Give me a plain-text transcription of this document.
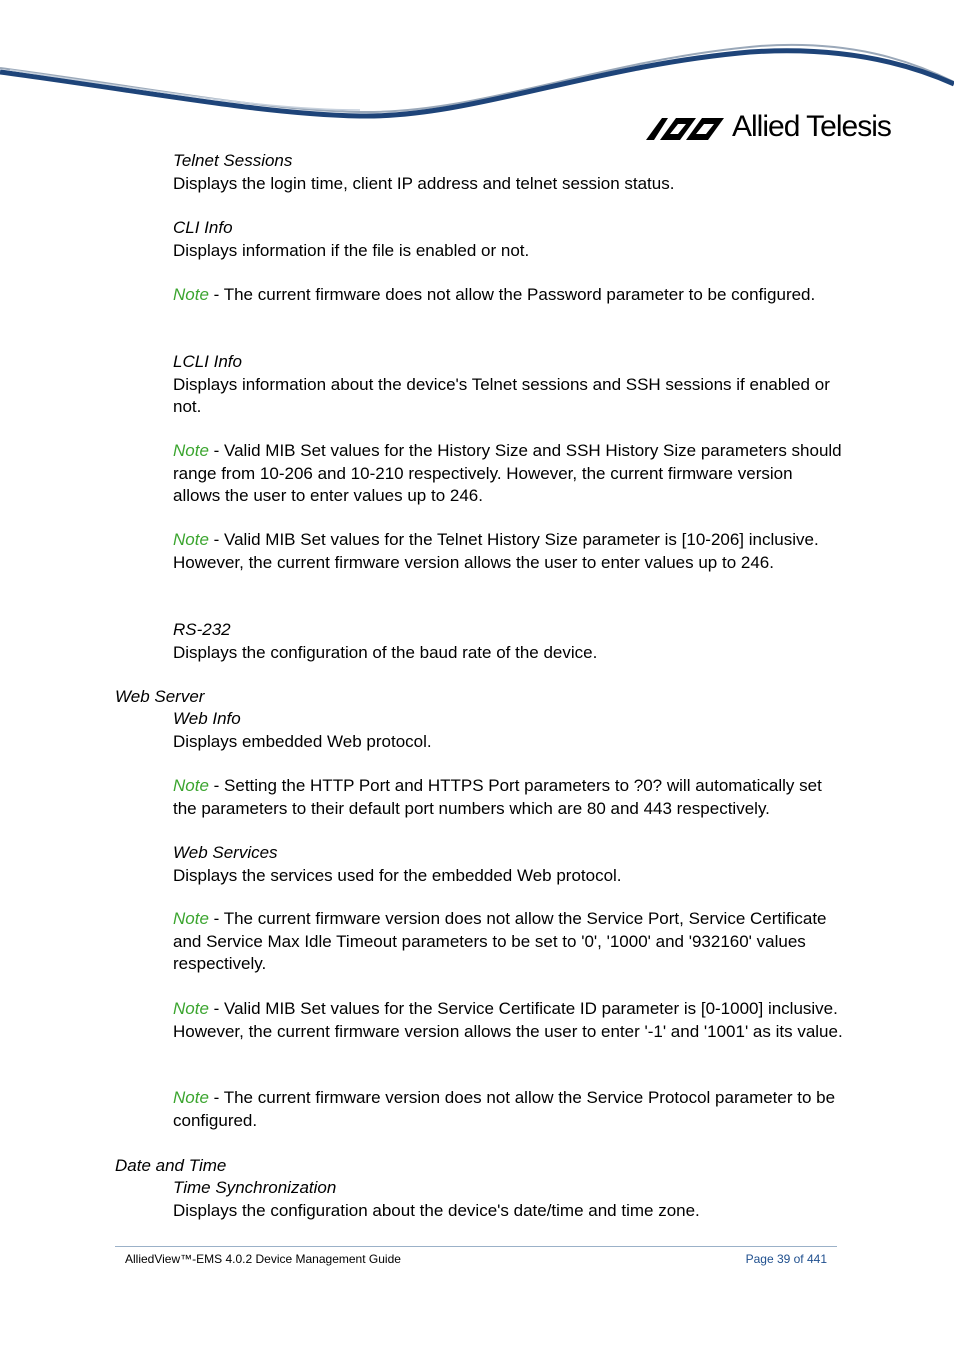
Allied Telesis
Telnet Sessions
Displays the login time, client IP address and telnet session status.
CLI Info
Displays information if the file is enabled or not.
Note - The current firmware does not allow the Password parameter to be configured.
LCLI Info
Displays information about the device's Telnet sessions and SSH sessions if enabled or not.
Note - Valid MIB Set values for the History Size and SSH History Size parameters should range from 10-206 and 10-210 respectively. However, the current firmware version allows the user to enter values up to 246.
Note - Valid MIB Set values for the Telnet History Size parameter is [10-206] inclusive. However, the current firmware version allows the user to enter values up to 246.
RS-232
Displays the configuration of the baud rate of the device.
Web Server
Web Info
Displays embedded Web protocol.
Note - Setting the HTTP Port and HTTPS Port parameters to ?0? will automatically set the parameters to their default port numbers which are 80 and 443 respectively.
Web Services
Displays the services used for the embedded Web protocol.
Note - The current firmware version does not allow the Service Port, Service Certificate and Service Max Idle Timeout parameters to be set to '0', '1000' and '932160' values respectively.
Note - Valid MIB Set values for the Service Certificate ID parameter is [0-1000] inclusive. However, the current firmware version allows the user to enter '-1' and '1001' as its value.
Note - The current firmware version does not allow the Service Protocol parameter to be configured.
Date and Time
Time Synchronization
Displays the configuration about the device's date/time and time zone.
AlliedView™-EMS 4.0.2 Device Management Guide	Page 39 of 441
